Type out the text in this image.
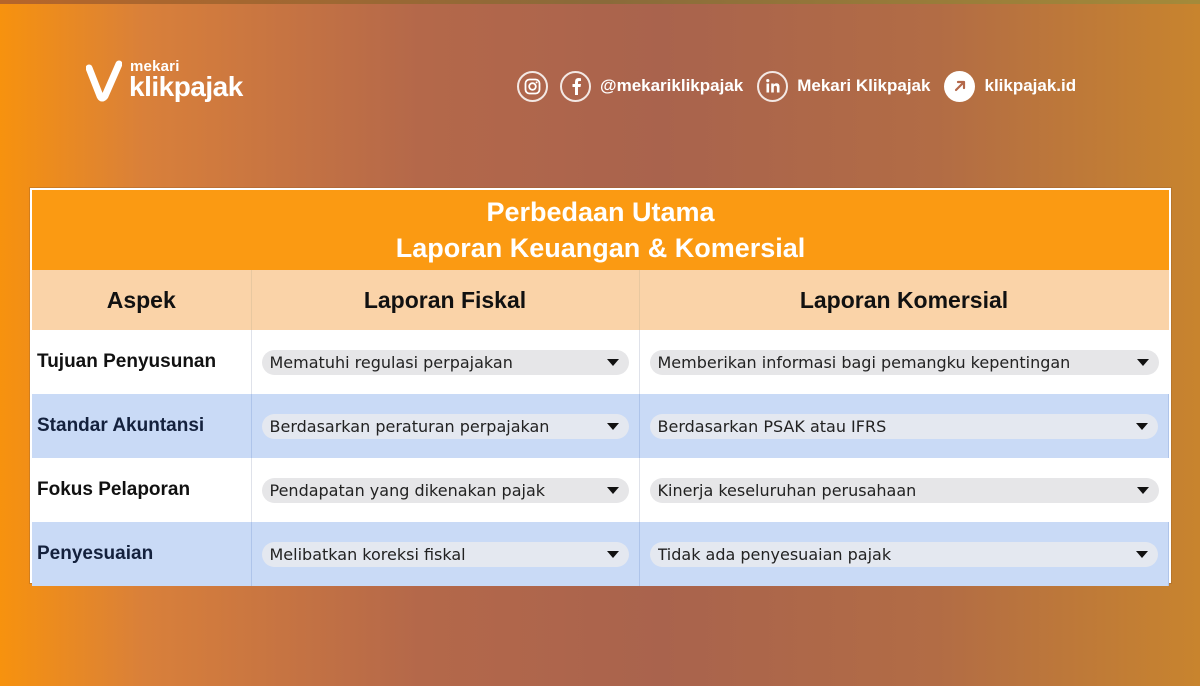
mekari
klikpajak	@mekariklikpajak	Mekari Klikpajak	klikpajak.id
Perbedaan Utama
Laporan Keuangan & Komersial
Aspek	Laporan Fiskal	Laporan Komersial
Tujuan Penyusunan	Mematuhi regulasi perpajakan	Memberikan informasi bagi pemangku kepentingan

Standar Akuntansi	Berdasarkan peraturan perpajakan	Berdasarkan PSAK atau IFRS

Fokus Pelaporan	Pendapatan yang dikenakan pajak	Kinerja keseluruhan perusahaan

Penyesuaian	Melibatkan koreksi fiskal	Tidak ada penyesuaian pajak
